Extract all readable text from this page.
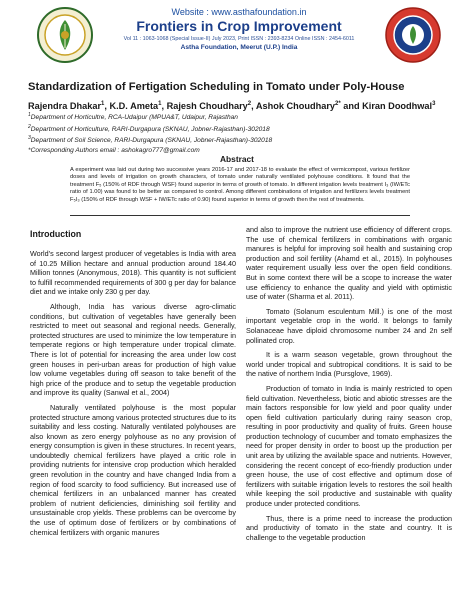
Website : www.asthafoundation.in
Frontiers in Crop Improvement
Vol 11 : 1063-1068 (Special Issue-II) July 2023, Print ISSN : 2393-8234 Online ISSN : 2454-6011
Astha Foundation, Meerut (U.P.) India
Standardization of Fertigation Scheduling in Tomato under Poly-House
Rajendra Dhakar$^1$, K.D. Ameta$^1$, Rajesh Choudhary$^2$, Ashok Choudhary$^{2*}$ and Kiran Doodhwal$^3$
$^1$Department of Horticultre, RCA-Udaipur (MPUA&T, Udaipur, Rajasthan
$^2$Department of Horticulture, RARI-Durgapura (SKNAU, Jobner-Rajasthan)-302018
$^3$Department of Soil Science, RARI-Durgapura (SKNAU, Jobner-Rajasthan)-302018
*Corresponding Authors email : ashokagro777@gmail.com
Abstract
A experiment was laid out during two successive years 2016-17 and 2017-18 to evaluate the effect of vermicompost, various fertilizer doses and levels of irrigation on growth characters, of tomato under naturally ventilated polyhouse conditions. It found that the treatment F₅ (150% of RDF through WSF) found superior in terms of growth of tomato. In different irrigation levels treatment I₃ (IW/ETc ratio of 1.00) was found to be better as compared to control. Among different combinations of irrigation and fertilizers levels treatment F₅I₃ (150% of RDF through WSF + IW/ETc ratio of 0.90) found superior in terms of growth then the rest of treatments.
Introduction

World’s second largest producer of vegetables is India with area of 10.25 Million hectare and annual production around 184.40 Million tonnes (Anonymous, 2018). This quantity is not sufficient to fulfill recommended requirements of 300 g per day for balance diet and we intake only 230 g per day.

Although, India has various diverse agro-climatic conditions, but cultivation of vegetables have generally been restricted to meet out seasonal and regional needs. Generally, protected structures are used to minimize the low temperature in temperate regions or high temperature under tropical climate. There is lot of potential for increasing the area under low cost green houses in peri-urban areas for production of high value low volume vegetables during off season to take benefit of the high price of the produce and to setup the vegetable production and improve its quality (Sanwal et al., 2004)

Naturally ventilated polyhouse is the most popular protected structure among various protected structures due to its suitability and less costing. Naturally ventilated polyhouses are also known as zero energy polyhouse as no any provision of energy consumption is given in these structures. In recent years, undoubtedly chemical fertilizers have played a critic role in providing nutrients for intensive crop production which heralded green revolution in the country and have changed India from a region of food scarcity to food sufficiency. But increased use of chemical fertilizers in an unbalanced manner has created problem of nutrient deficiencies, diminishing soil fertility and unsustainable crop yields. These problems can be overcome by the use of optimum dose of fertilizers or by combinations of chemical fertilizers with organic manures

and also to improve the nutrient use efficiency of different crops. The use of chemical fertilizers in combinations with organic manures is helpful for improving soil health and sustaining crop production and soil fertility (Ahamd et al., 2015). In polyhouses water requirement usually less over the open field conditions. But in some context there will be a scope to increase the water use efficiency to enhance the quality and yield with optimistic use of water (Sharma et al. 2011).

Tomato (Solanum esculentum Mill.) is one of the most important vegetable crop in the world. It belongs to family Solanaceae have diploid chromosome number 24 and 2n self pollinated crop.

It is a warm season vegetable, grown throughout the world under tropical and subtropical conditions. It is said to be the native of northern India (Pursglove, 1969).

Production of tomato in India is mainly restricted to open field cultivation. Nevertheless, biotic and abiotic stresses are the main factors responsible for low yield and poor quality under open field cultivation particularly during rainy season crop, resulting in poor productivity and quality of fruits. Green house production technology of cucumber and tomato emphasizes the need for proper density in order to boost up the production per unit area by utilizing the available space and nutrients. However, considering the recent concept of eco-friendly production under green house, the use of cost effective and optimum dose of fertilizers with suitable irrigation levels to restores the soil health while keeping the soil productive and sustainable with quality produce under protected conditions.

Thus, there is a prime need to increase the production and productivity of tomato in the state and country. It is challenge to the vegetable production
